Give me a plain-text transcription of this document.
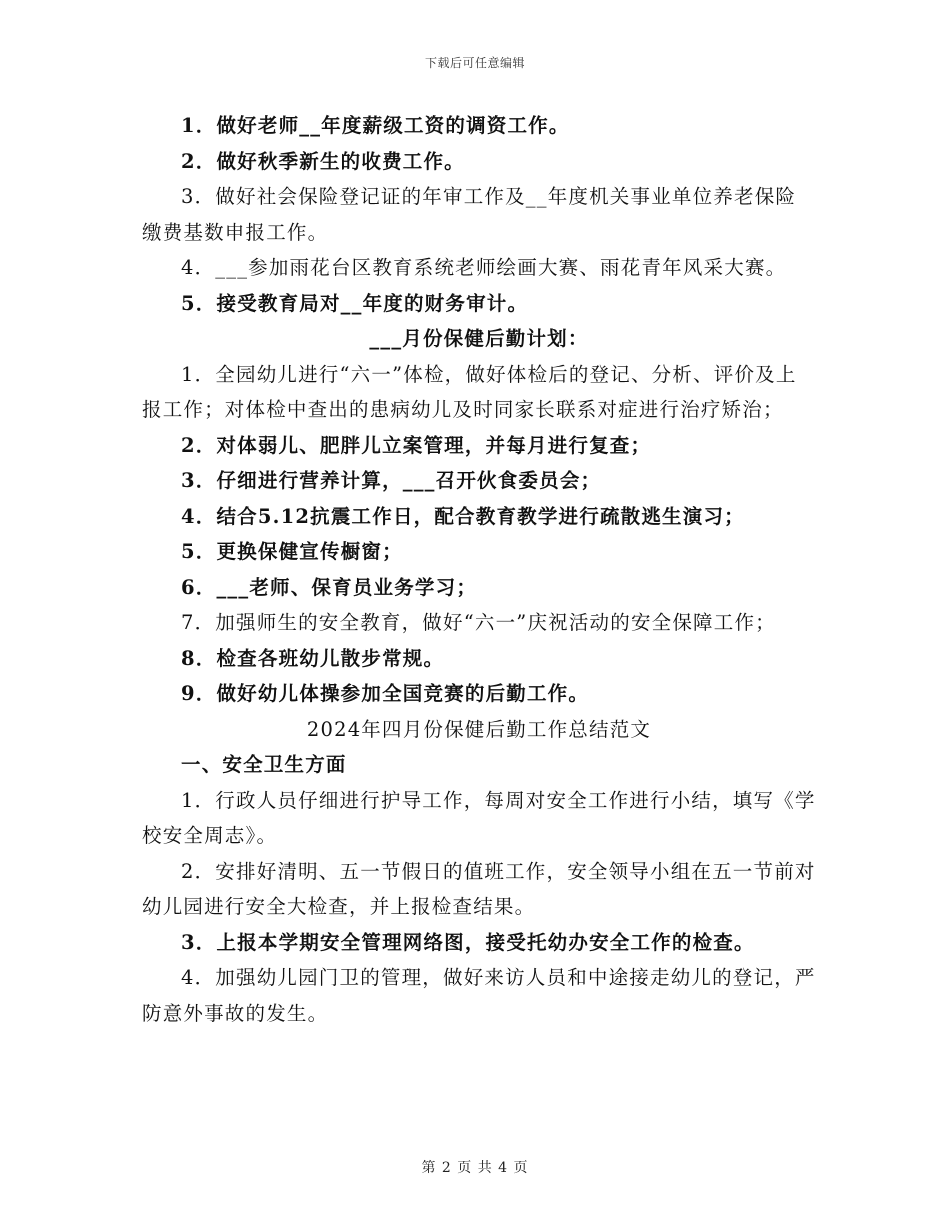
下载后可任意编辑

1．做好老师__年度薪级工资的调资工作。

2．做好秋季新生的收费工作。

3．做好社会保险登记证的年审工作及__年度机关事业单位养老保险缴费基数申报工作。

4．___参加雨花台区教育系统老师绘画大赛、雨花青年风采大赛。

5．接受教育局对__年度的财务审计。

___月份保健后勤计划：

1．全园幼儿进行“六一”体检，做好体检后的登记、分析、评价及上报工作；对体检中查出的患病幼儿及时同家长联系对症进行治疗矫治；

2．对体弱儿、肥胖儿立案管理，并每月进行复查；

3．仔细进行营养计算，___召开伙食委员会；

4．结合5.12抗震工作日，配合教育教学进行疏散逃生演习；

5．更换保健宣传橱窗；

6．___老师、保育员业务学习；

7．加强师生的安全教育，做好“六一”庆祝活动的安全保障工作；

8．检查各班幼儿散步常规。

9．做好幼儿体操参加全国竞赛的后勤工作。

2024年四月份保健后勤工作总结范文

一、安全卫生方面

1．行政人员仔细进行护导工作，每周对安全工作进行小结，填写《学校安全周志》。

2．安排好清明、五一节假日的值班工作，安全领导小组在五一节前对幼儿园进行安全大检查，并上报检查结果。

3．上报本学期安全管理网络图，接受托幼办安全工作的检查。

4．加强幼儿园门卫的管理，做好来访人员和中途接走幼儿的登记，严防意外事故的发生。

第 2 页 共 4 页
